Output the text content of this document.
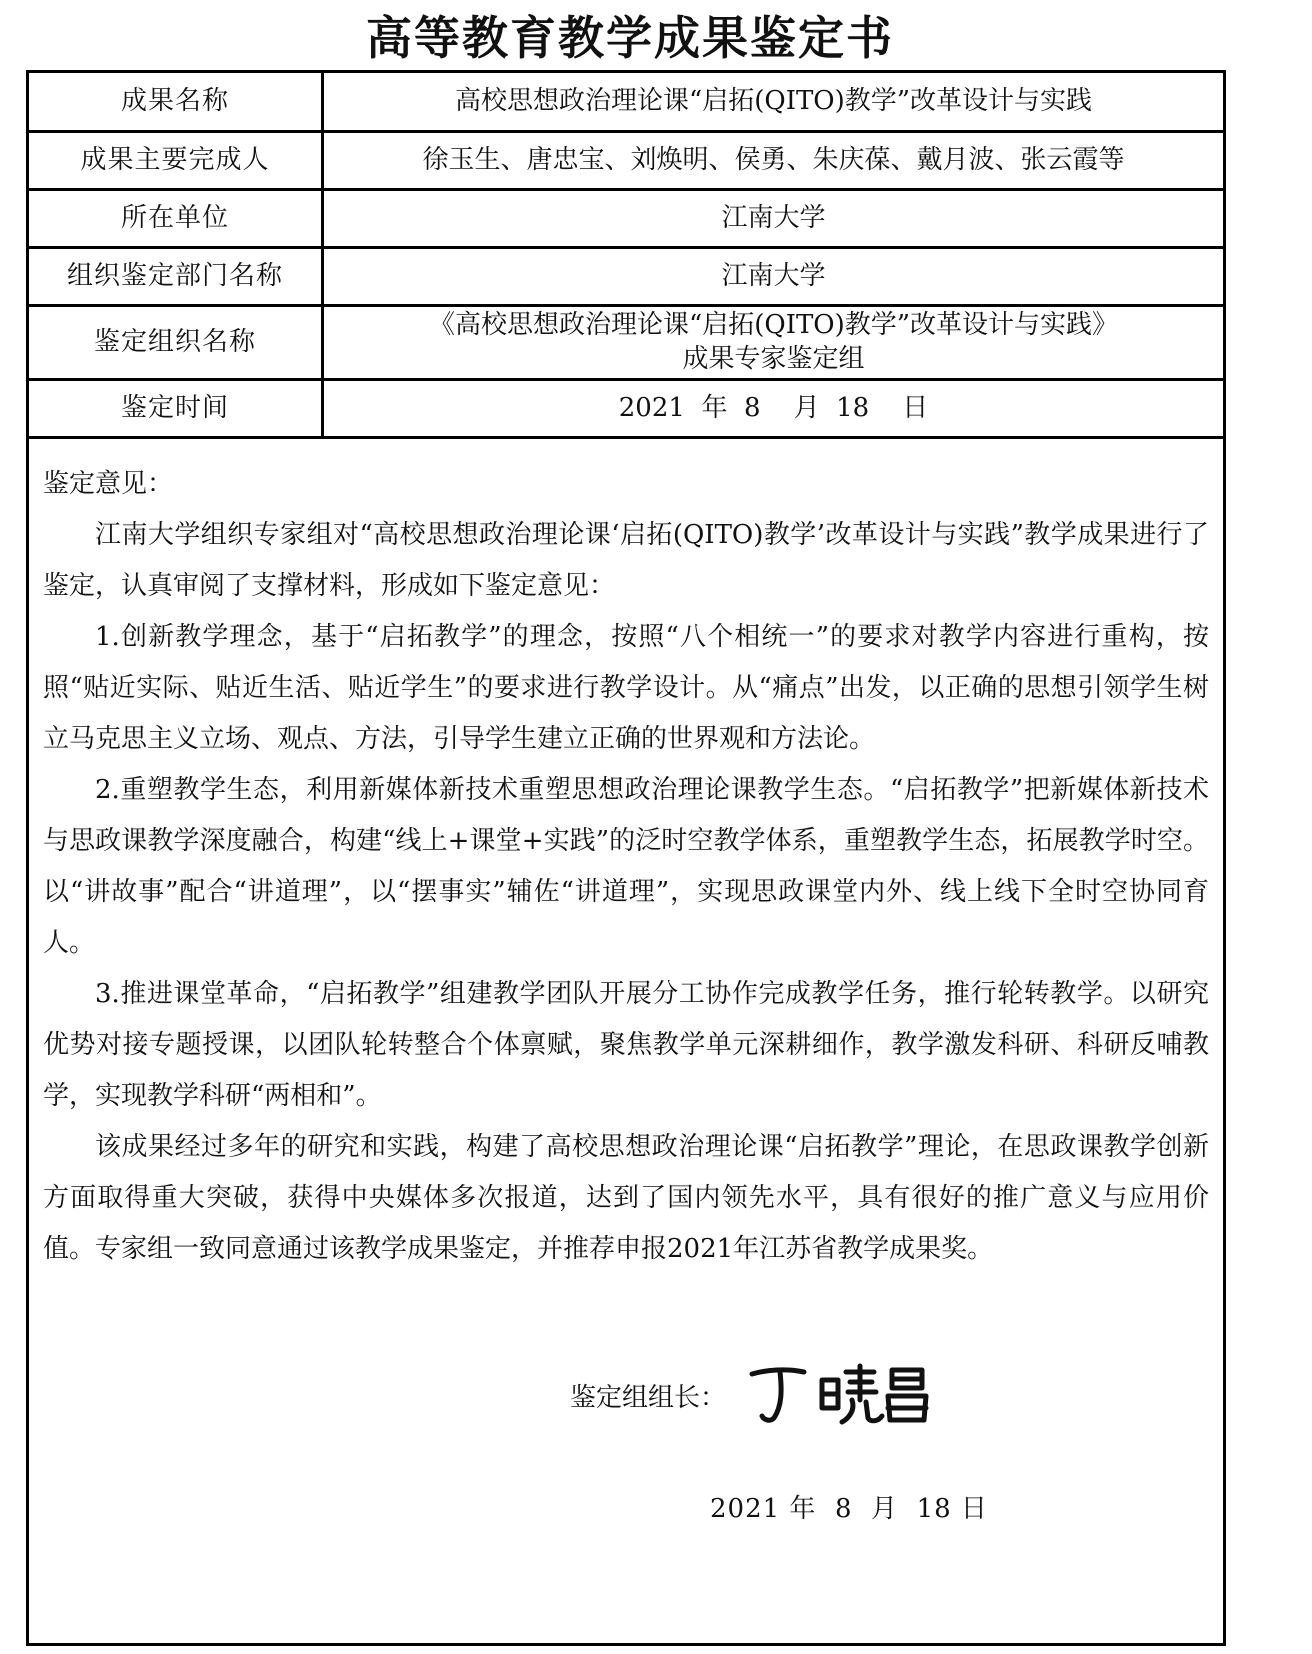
高等教育教学成果鉴定书
成果名称	高校思想政治理论课“启拓(QITO)教学”改革设计与实践
成果主要完成人	徐玉生、唐忠宝、刘焕明、侯勇、朱庆葆、戴月波、张云霞等
所在单位	江南大学
组织鉴定部门名称	江南大学
鉴定组织名称	《高校思想政治理论课“启拓(QITO)教学”改革设计与实践》
成果专家鉴定组

鉴定时间	2021  年  8    月  18    日

鉴定意见：

江南大学组织专家组对“高校思想政治理论课‘启拓(QITO)教学’改革设计与实践”教学成果进行了鉴定，认真审阅了支撑材料，形成如下鉴定意见：

1.创新教学理念，基于“启拓教学”的理念，按照“八个相统一”的要求对教学内容进行重构，按照“贴近实际、贴近生活、贴近学生”的要求进行教学设计。从“痛点”出发，以正确的思想引领学生树立马克思主义立场、观点、方法，引导学生建立正确的世界观和方法论。

2.重塑教学生态，利用新媒体新技术重塑思想政治理论课教学生态。“启拓教学”把新媒体新技术与思政课教学深度融合，构建“线上+课堂+实践”的泛时空教学体系，重塑教学生态，拓展教学时空。以“讲故事”配合“讲道理”，以“摆事实”辅佐“讲道理”，实现思政课堂内外、线上线下全时空协同育人。

3.推进课堂革命，“启拓教学”组建教学团队开展分工协作完成教学任务，推行轮转教学。以研究优势对接专题授课，以团队轮转整合个体禀赋，聚焦教学单元深耕细作，教学激发科研、科研反哺教学，实现教学科研“两相和”。

该成果经过多年的研究和实践，构建了高校思想政治理论课“启拓教学”理论，在思政课教学创新方面取得重大突破，获得中央媒体多次报道，达到了国内领先水平，具有很好的推广意义与应用价值。专家组一致同意通过该教学成果鉴定，并推荐申报2021年江苏省教学成果奖。

鉴定组组长：
2021 年  8  月  18 日
